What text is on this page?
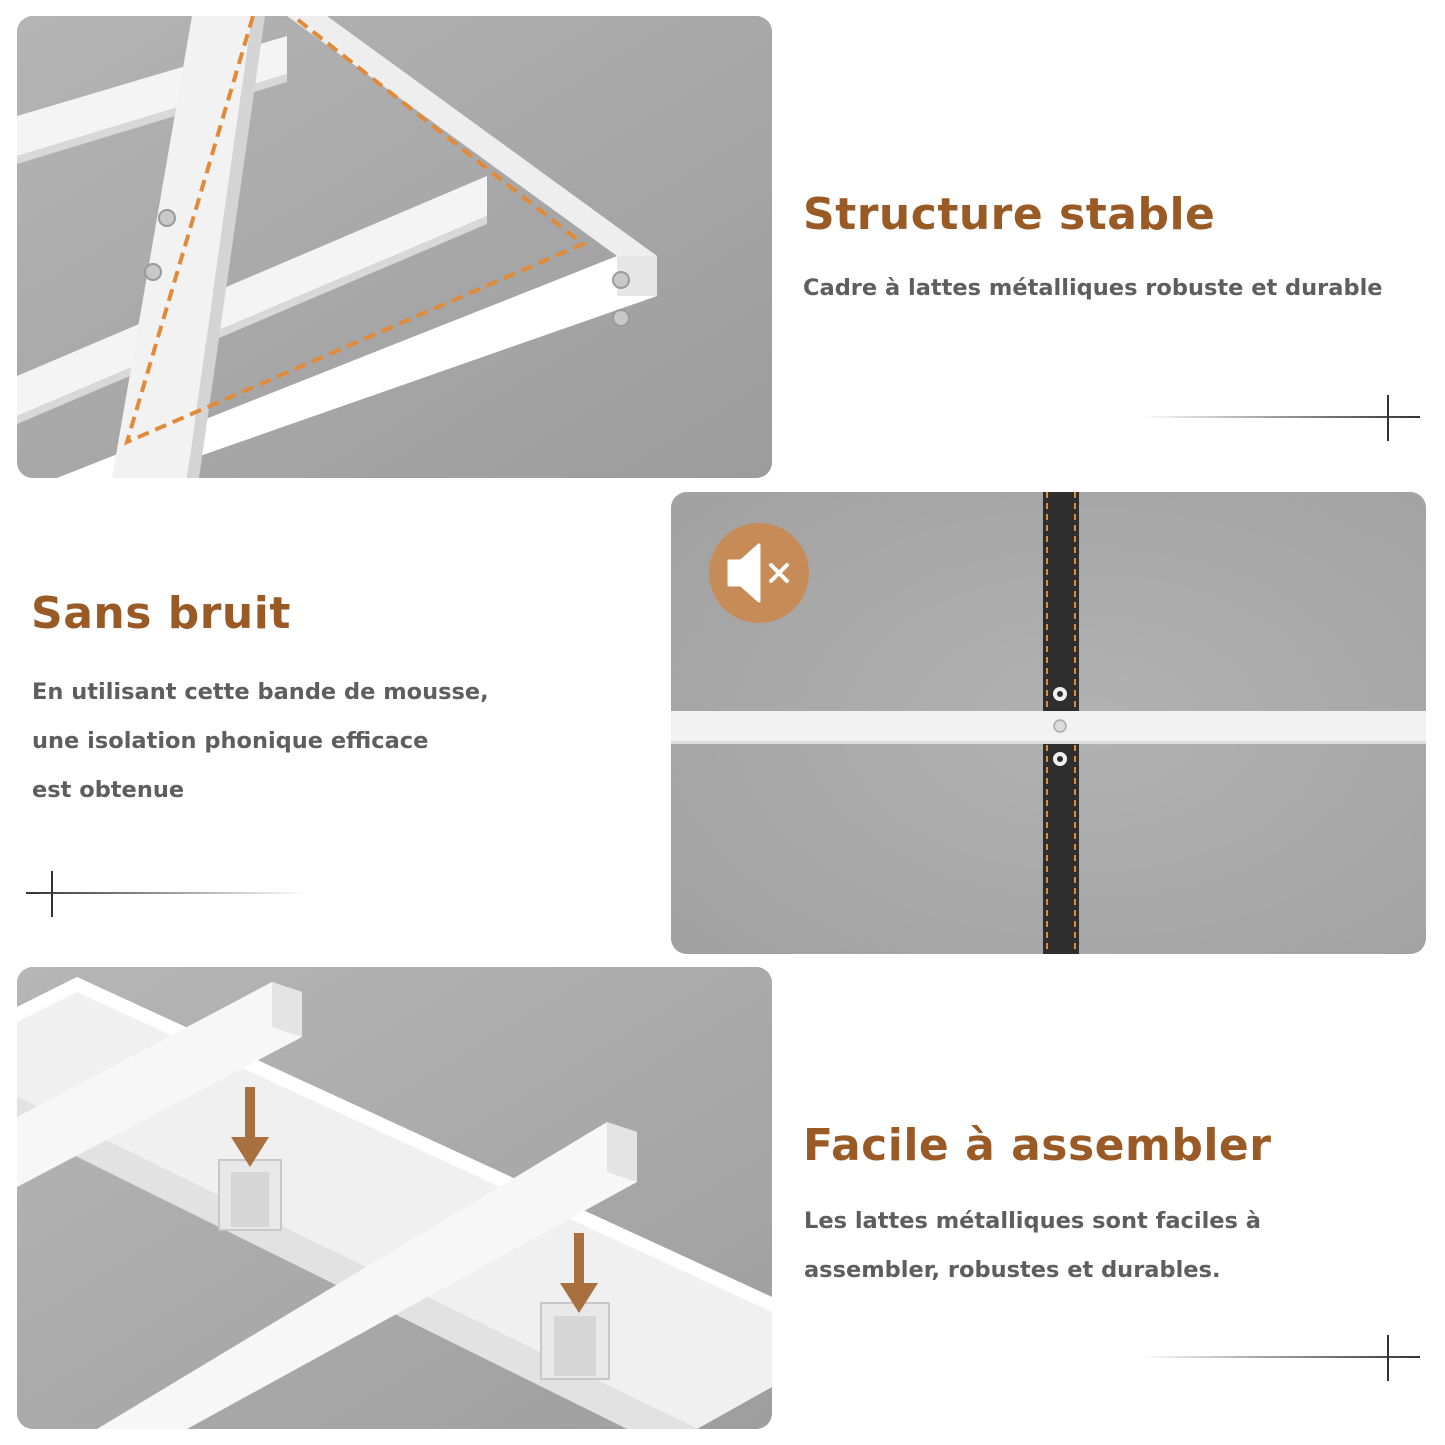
Structure stable

Cadre à lattes métalliques robuste et durable

Sans bruit

En utilisant cette bande de mousse,
une isolation phonique efficace
est obtenue

Facile à assembler

Les lattes métalliques sont faciles à
assembler, robustes et durables.
